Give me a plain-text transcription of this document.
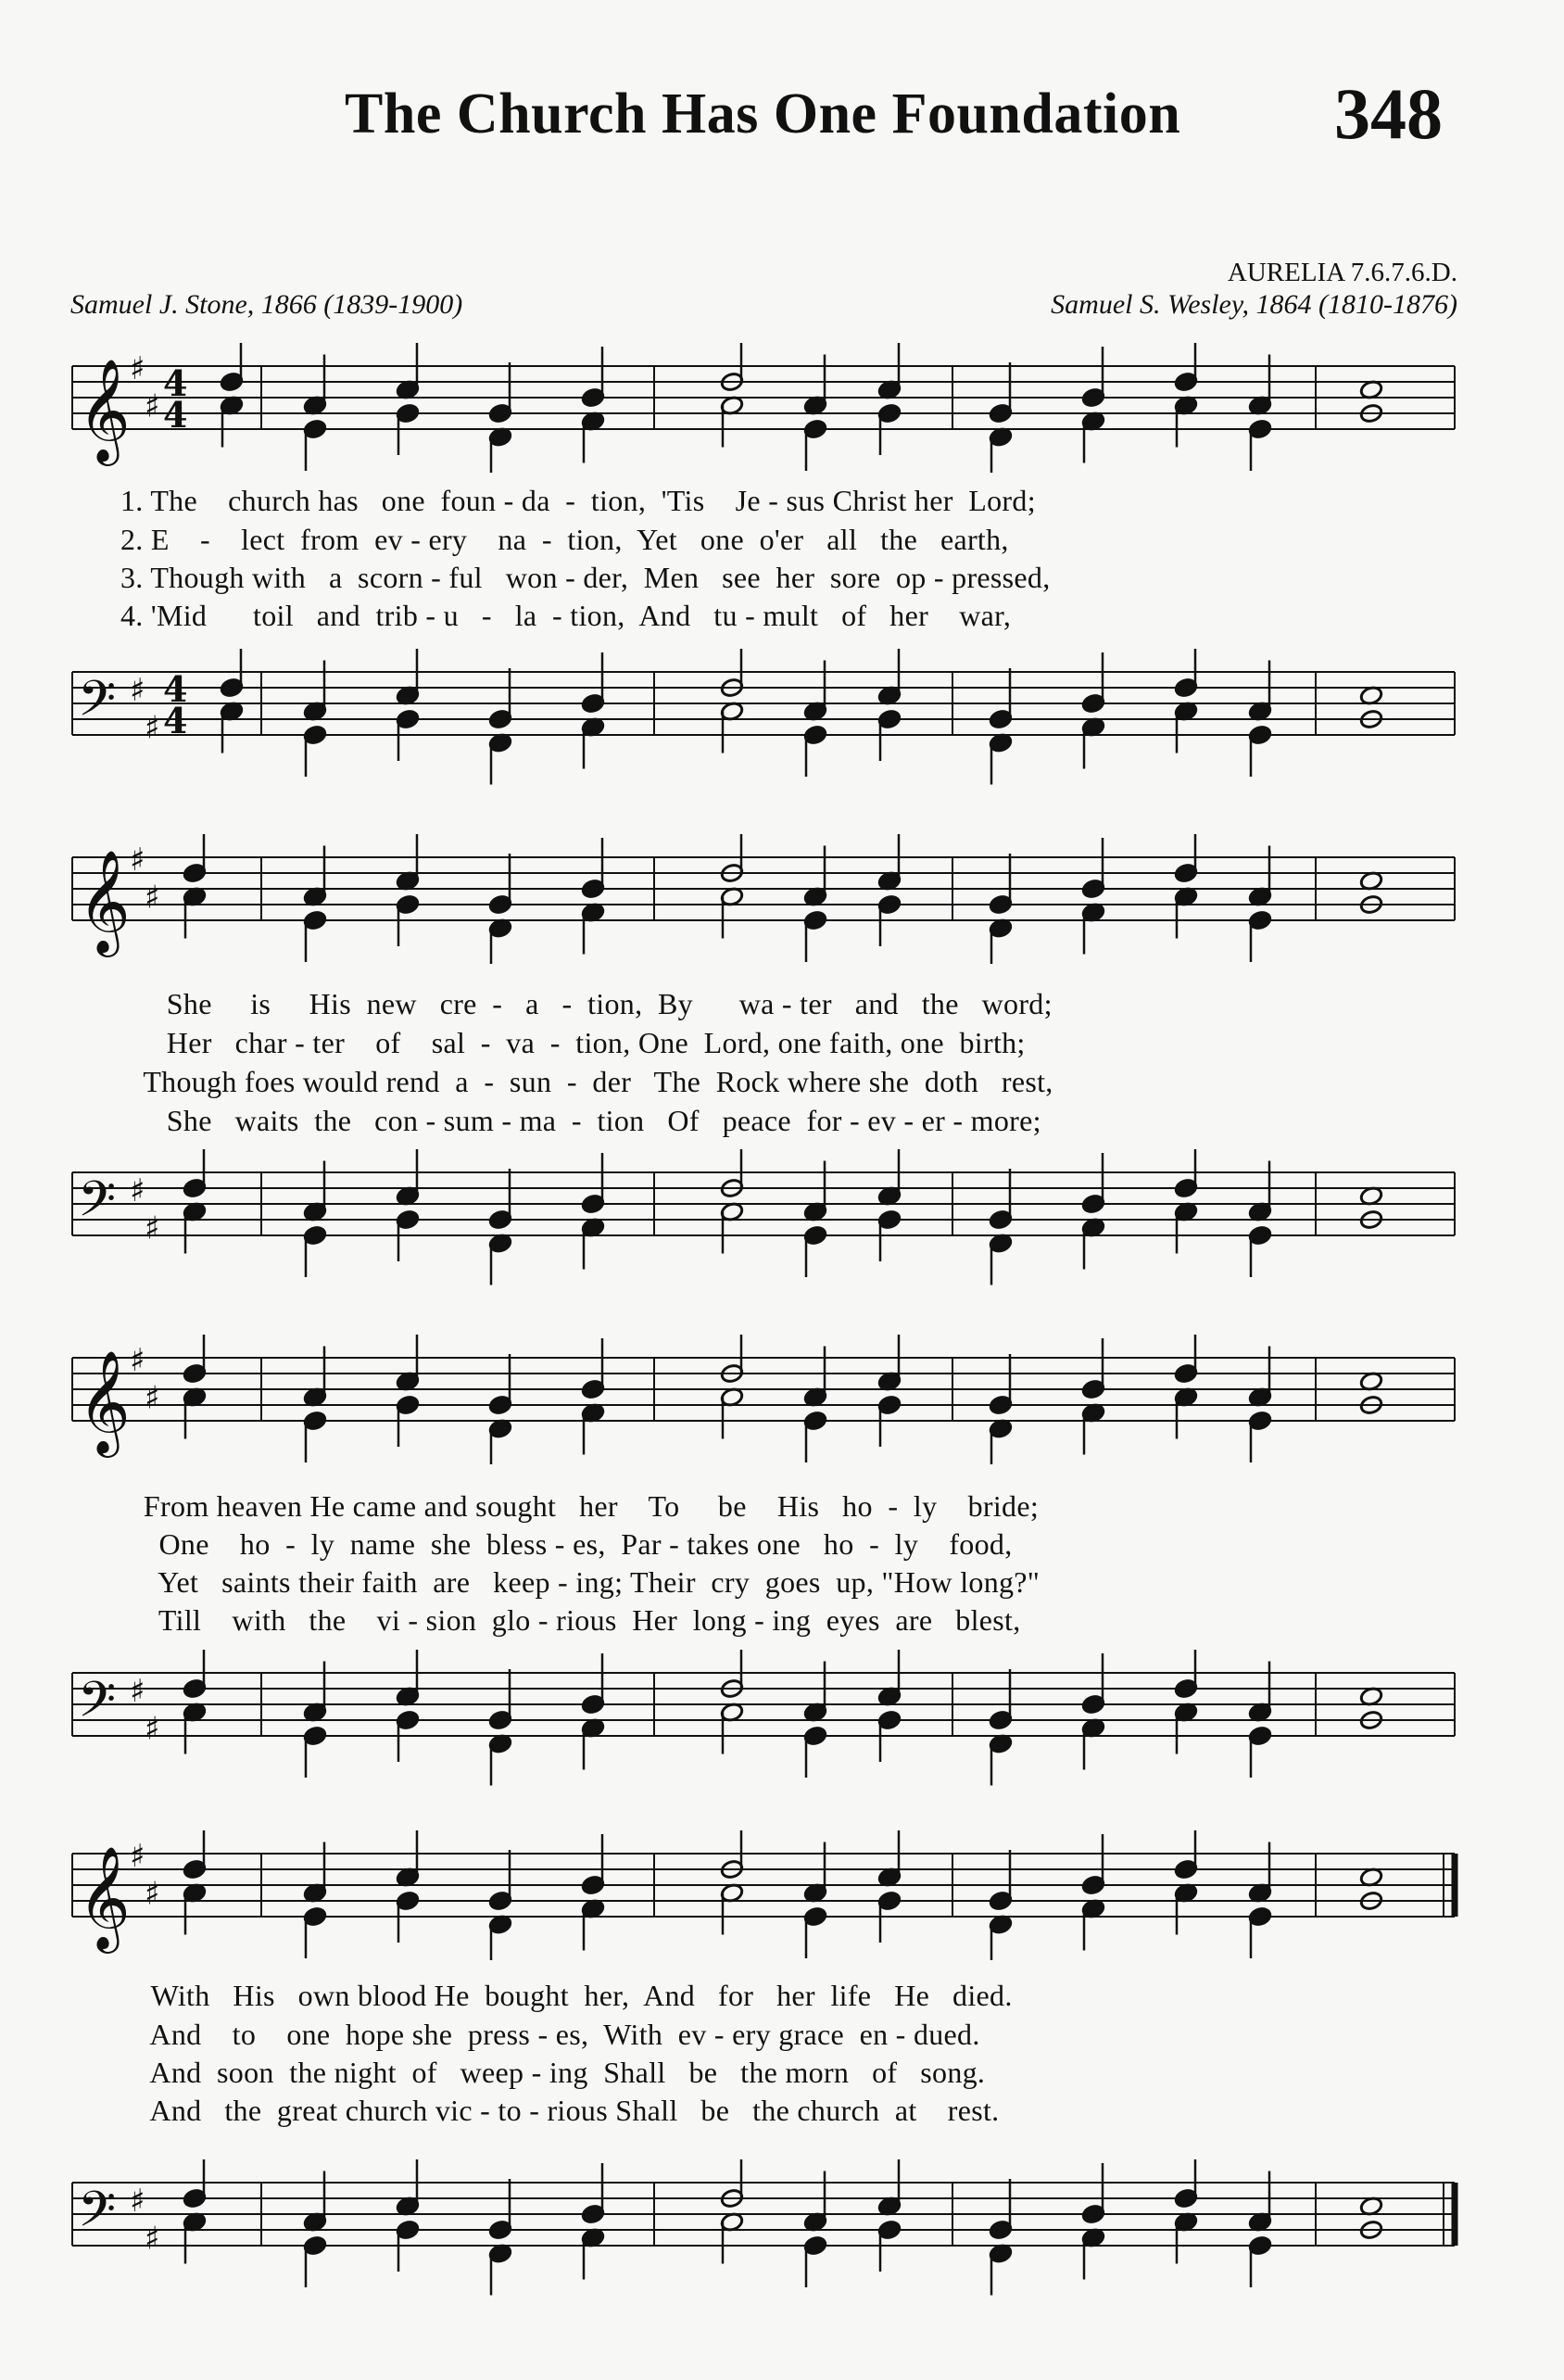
The Church Has One Foundation 348
AURELIA 7.6.7.6.D.
Samuel J. Stone, 1866 (1839-1900)	Samuel S. Wesley, 1864 (1810-1876)
𝄞 ♯
♯
4
4
1. The    church has   one  foun - da  -  tion,  'Tis    Je - sus Christ her  Lord;
2. E    -    lect  from  ev - ery    na  -  tion,  Yet   one  o'er   all   the   earth,
3. Though with   a  scorn - ful   won - der,  Men   see  her  sore  op - pressed,
4. 'Mid      toil   and  trib - u   -   la  - tion,  And   tu - mult   of   her    war,
𝄢 ♯
♯
4
4
𝄞 ♯
♯
She     is     His  new   cre  -   a   -  tion,  By      wa - ter   and   the   word;
Her   char - ter    of    sal  -  va  -  tion, One  Lord, one faith, one  birth;
Though foes would rend  a  -  sun  -  der   The  Rock where she  doth   rest,
She   waits  the   con - sum - ma  -  tion   Of   peace  for - ev - er - more;
𝄢 ♯
♯
𝄞 ♯
♯
From heaven He came and sought   her    To     be    His   ho  -  ly    bride;
One    ho  -  ly  name  she  bless - es,  Par - takes one   ho  -  ly    food,
Yet   saints their faith  are   keep - ing; Their  cry  goes  up, "How long?"
Till    with   the    vi - sion  glo - rious  Her  long - ing  eyes  are   blest,
𝄢 ♯
♯
𝄞 ♯
♯
With   His   own blood He  bought  her,  And   for   her  life   He   died.
And    to    one  hope she  press - es,  With  ev - ery grace  en - dued.
And  soon  the night  of   weep - ing  Shall   be   the morn   of   song.
And   the  great church vic - to - rious Shall   be   the church  at    rest.
𝄢 ♯
♯
